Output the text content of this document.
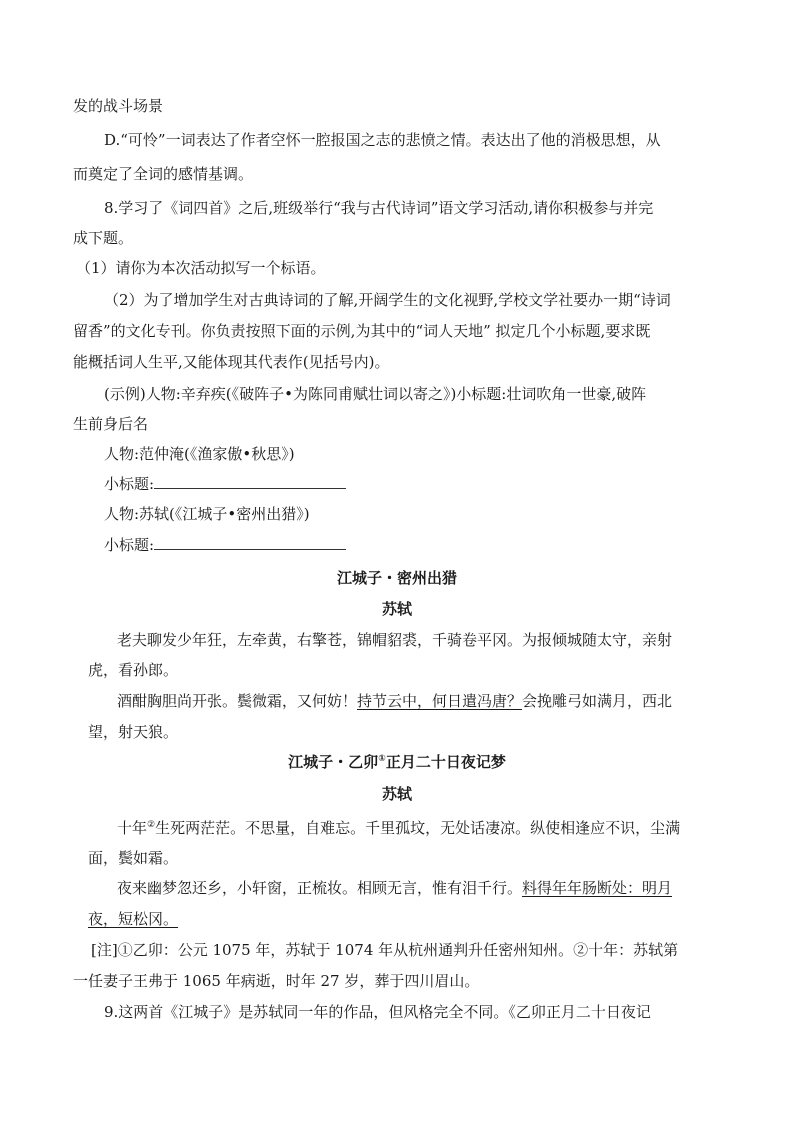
发的战斗场景
D.“可怜”一词表达了作者空怀一腔报国之志的悲愤之情。表达出了他的消极思想，从
而奠定了全词的感情基调。
8.学习了《词四首》之后,班级举行“我与古代诗词”语文学习活动,请你积极参与并完
成下题。
（1）请你为本次活动拟写一个标语。
（2）为了增加学生对古典诗词的了解,开阔学生的文化视野,学校文学社要办一期“诗词
留香”的文化专刊。你负责按照下面的示例,为其中的“词人天地” 拟定几个小标题,要求既
能概括词人生平,又能体现其代表作(见括号内)。
(示例)人物:辛弃疾(《破阵子•为陈同甫赋壮词以寄之》)小标题:壮词吹角一世豪,破阵
生前身后名
人物:范仲淹(《渔家傲•秋思》)
小标题:
人物:苏轼(《江城子•密州出猎》)
小标题:
江城子・密州出猎
苏轼
老夫聊发少年狂，左牵黄，右擎苍，锦帽貂裘，千骑卷平冈。为报倾城随太守，亲射
虎，看孙郎。
酒酣胸胆尚开张。鬓微霜，又何妨！持节云中，何日遣冯唐？会挽雕弓如满月，西北
望，射天狼。
江城子・乙卯①正月二十日夜记梦
苏轼
十年②生死两茫茫。不思量，自难忘。千里孤坟，无处话凄凉。纵使相逢应不识，尘满
面，鬓如霜。
夜来幽梦忽还乡，小轩窗，正梳妆。相顾无言，惟有泪千行。料得年年肠断处：明月
夜，短松冈。
[注]①乙卯：公元 1075 年，苏轼于 1074 年从杭州通判升任密州知州。②十年：苏轼第
一任妻子王弗于 1065 年病逝，时年 27 岁，葬于四川眉山。
9.这两首《江城子》是苏轼同一年的作品，但风格完全不同。《乙卯正月二十日夜记
